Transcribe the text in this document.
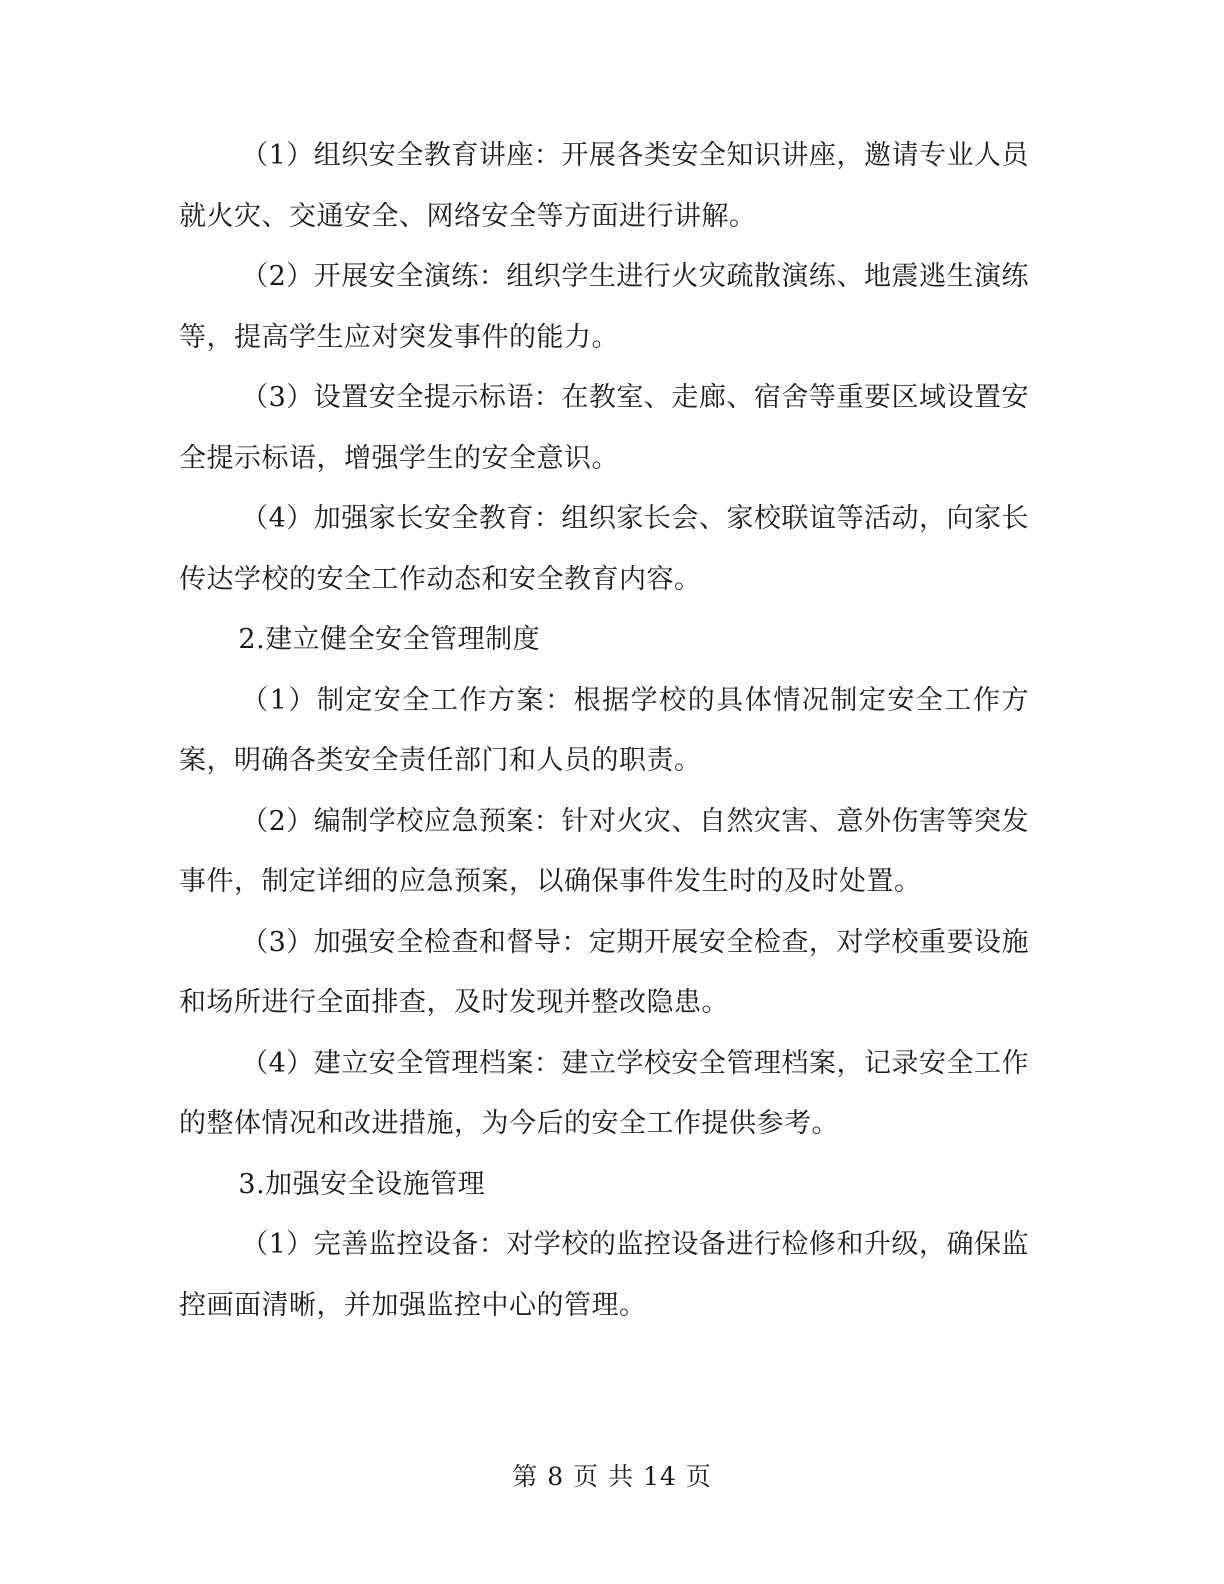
（1）组织安全教育讲座：开展各类安全知识讲座，邀请专业人员就火灾、交通安全、网络安全等方面进行讲解。

（2）开展安全演练：组织学生进行火灾疏散演练、地震逃生演练等，提高学生应对突发事件的能力。

（3）设置安全提示标语：在教室、走廊、宿舍等重要区域设置安全提示标语，增强学生的安全意识。

（4）加强家长安全教育：组织家长会、家校联谊等活动，向家长传达学校的安全工作动态和安全教育内容。

2.建立健全安全管理制度

（1）制定安全工作方案：根据学校的具体情况制定安全工作方案，明确各类安全责任部门和人员的职责。

（2）编制学校应急预案：针对火灾、自然灾害、意外伤害等突发事件，制定详细的应急预案，以确保事件发生时的及时处置。

（3）加强安全检查和督导：定期开展安全检查，对学校重要设施和场所进行全面排查，及时发现并整改隐患。

（4）建立安全管理档案：建立学校安全管理档案，记录安全工作的整体情况和改进措施，为今后的安全工作提供参考。

3.加强安全设施管理

（1）完善监控设备：对学校的监控设备进行检修和升级，确保监控画面清晰，并加强监控中心的管理。

第 8 页 共 14 页
